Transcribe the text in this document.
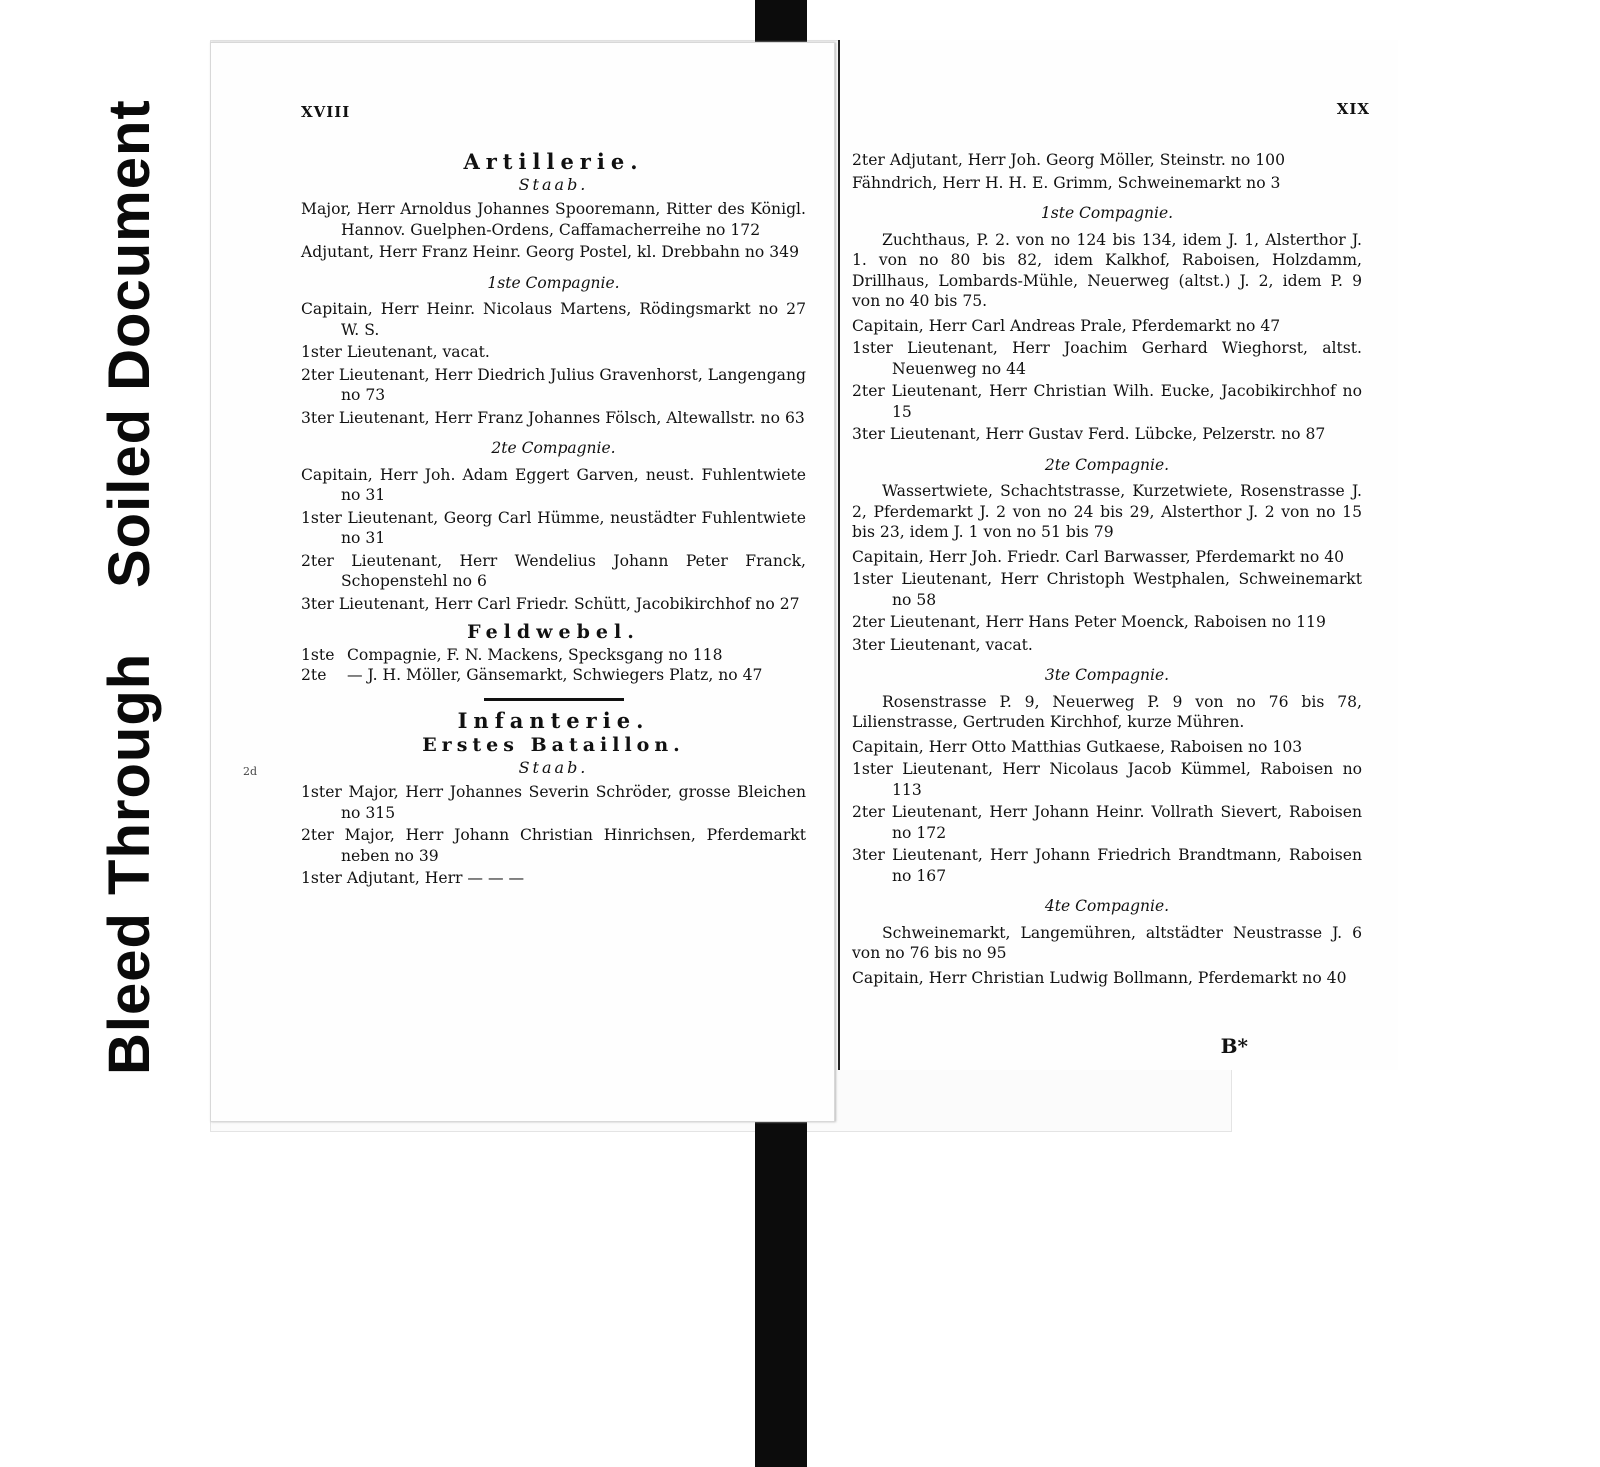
Bleed Through
Soiled Document	XVIII
2d
Artillerie.
Staab.

Major, Herr Arnoldus Johannes Spooremann, Ritter des Königl. Hannov. Guelphen-Ordens, Caffamacherreihe no 172

Adjutant, Herr Franz Heinr. Georg Postel, kl. Drebbahn no 349

1ste Compagnie.

Capitain, Herr Heinr. Nicolaus Martens, Rödingsmarkt no 27 W. S.

1ster Lieutenant, vacat.

2ter Lieutenant, Herr Diedrich Julius Gravenhorst, Langengang no 73

3ter Lieutenant, Herr Franz Johannes Fölsch, Altewallstr. no 63

2te Compagnie.

Capitain, Herr Joh. Adam Eggert Garven, neust. Fuhlentwiete no 31

1ster Lieutenant, Georg Carl Hümme, neustädter Fuhlentwiete no 31

2ter Lieutenant, Herr Wendelius Johann Peter Franck, Schopenstehl no 6

3ter Lieutenant, Herr Carl Friedr. Schütt, Jacobikirchhof no 27

Feldwebel.
1ste Compagnie, F. N. Mackens, Specksgang no 118
2te	— J. H. Möller, Gänsemarkt, Schwiegers Platz, no 47
Infanterie.
Erstes Bataillon.
Staab.

1ster Major, Herr Johannes Severin Schröder, grosse Bleichen no 315

2ter Major, Herr Johann Christian Hinrichsen, Pferdemarkt neben no 39

1ster Adjutant, Herr — — —

XIX

2ter Adjutant, Herr Joh. Georg Möller, Steinstr. no 100

Fähndrich, Herr H. H. E. Grimm, Schweinemarkt no 3

1ste Compagnie.

Zuchthaus, P. 2. von no 124 bis 134, idem J. 1, Alsterthor J. 1. von no 80 bis 82, idem Kalkhof, Raboisen, Holzdamm, Drillhaus, Lombards-Mühle, Neuerweg (altst.) J. 2, idem P. 9 von no 40 bis 75.

Capitain, Herr Carl Andreas Prale, Pferdemarkt no 47

1ster Lieutenant, Herr Joachim Gerhard Wieghorst, altst. Neuenweg no 44

2ter Lieutenant, Herr Christian Wilh. Eucke, Jacobikirchhof no 15

3ter Lieutenant, Herr Gustav Ferd. Lübcke, Pelzerstr. no 87

2te Compagnie.

Wassertwiete, Schachtstrasse, Kurzetwiete, Rosenstrasse J. 2, Pferdemarkt J. 2 von no 24 bis 29, Alsterthor J. 2 von no 15 bis 23, idem J. 1 von no 51 bis 79

Capitain, Herr Joh. Friedr. Carl Barwasser, Pferdemarkt no 40

1ster Lieutenant, Herr Christoph Westphalen, Schweinemarkt no 58

2ter Lieutenant, Herr Hans Peter Moenck, Raboisen no 119

3ter Lieutenant, vacat.

3te Compagnie.

Rosenstrasse P. 9, Neuerweg P. 9 von no 76 bis 78, Lilienstrasse, Gertruden Kirchhof, kurze Mühren.

Capitain, Herr Otto Matthias Gutkaese, Raboisen no 103

1ster Lieutenant, Herr Nicolaus Jacob Kümmel, Raboisen no 113

2ter Lieutenant, Herr Johann Heinr. Vollrath Sievert, Raboisen no 172

3ter Lieutenant, Herr Johann Friedrich Brandtmann, Raboisen no 167

4te Compagnie.

Schweinemarkt, Langemühren, altstädter Neustrasse J. 6 von no 76 bis no 95

Capitain, Herr Christian Ludwig Bollmann, Pferdemarkt no 40

B*
